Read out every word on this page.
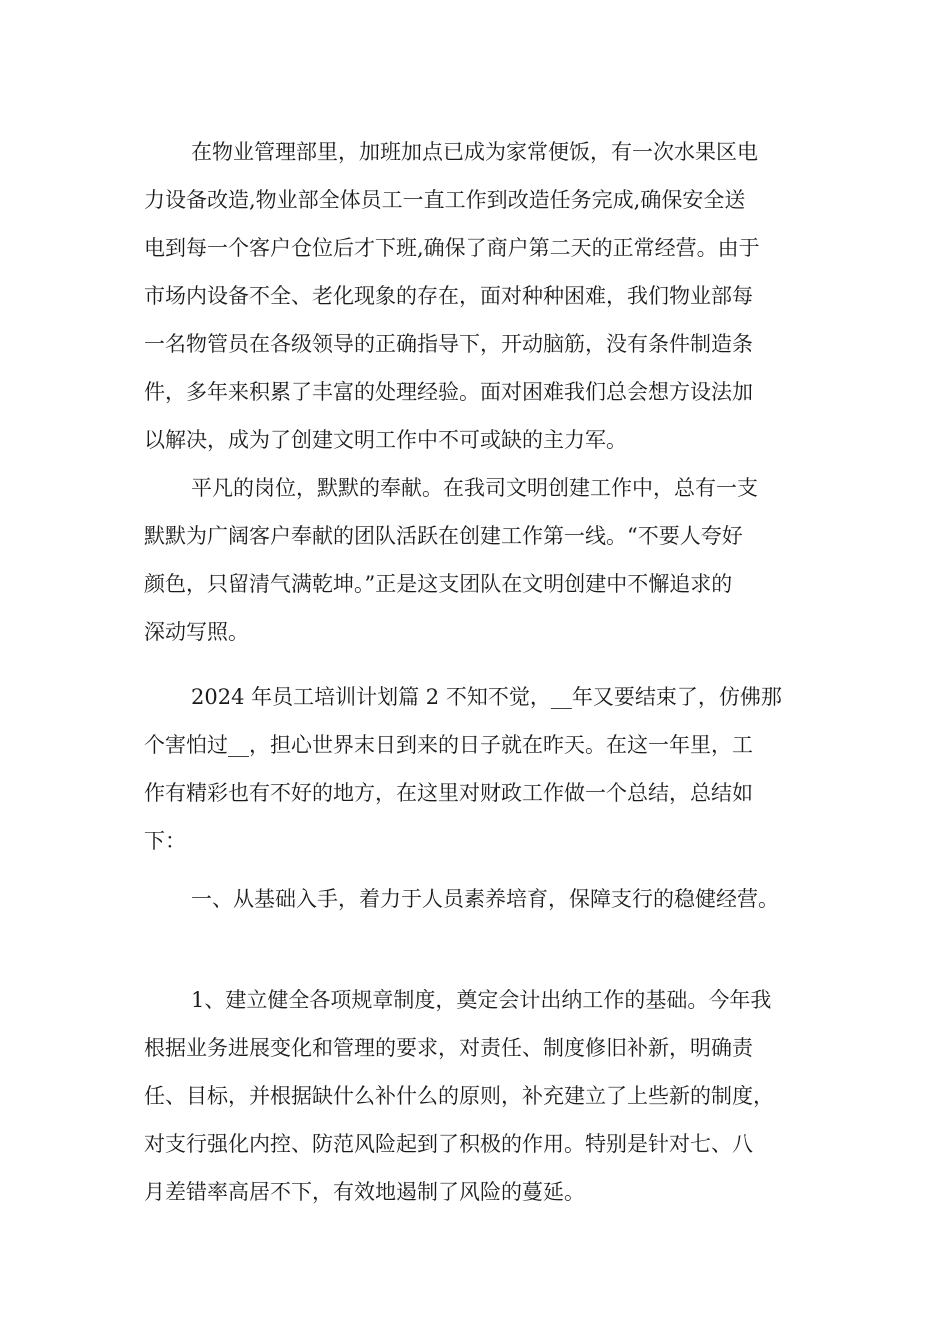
在物业管理部里，加班加点已成为家常便饭，有一次水果区电
力设备改造,物业部全体员工一直工作到改造任务完成,确保安全送
电到每一个客户仓位后才下班,确保了商户第二天的正常经营。由于
市场内设备不全、老化现象的存在，面对种种困难，我们物业部每
一名物管员在各级领导的正确指导下，开动脑筋，没有条件制造条
件，多年来积累了丰富的处理经验。面对困难我们总会想方设法加
以解决，成为了创建文明工作中不可或缺的主力军。
平凡的岗位，默默的奉献。在我司文明创建工作中，总有一支
默默为广阔客户奉献的团队活跃在创建工作第一线。“不要人夸好
颜色，只留清气满乾坤。”正是这支团队在文明创建中不懈追求的
深动写照。
2024 年员工培训计划篇 2 不知不觉，__年又要结束了，仿佛那
个害怕过__，担心世界末日到来的日子就在昨天。在这一年里，工
作有精彩也有不好的地方，在这里对财政工作做一个总结，总结如
下：
一、从基础入手，着力于人员素养培育，保障支行的稳健经营。
1、建立健全各项规章制度，奠定会计出纳工作的基础。今年我
根据业务进展变化和管理的要求，对责任、制度修旧补新，明确责
任、目标，并根据缺什么补什么的原则，补充建立了上些新的制度，
对支行强化内控、防范风险起到了积极的作用。特别是针对七、八
月差错率高居不下，有效地遏制了风险的蔓延。
